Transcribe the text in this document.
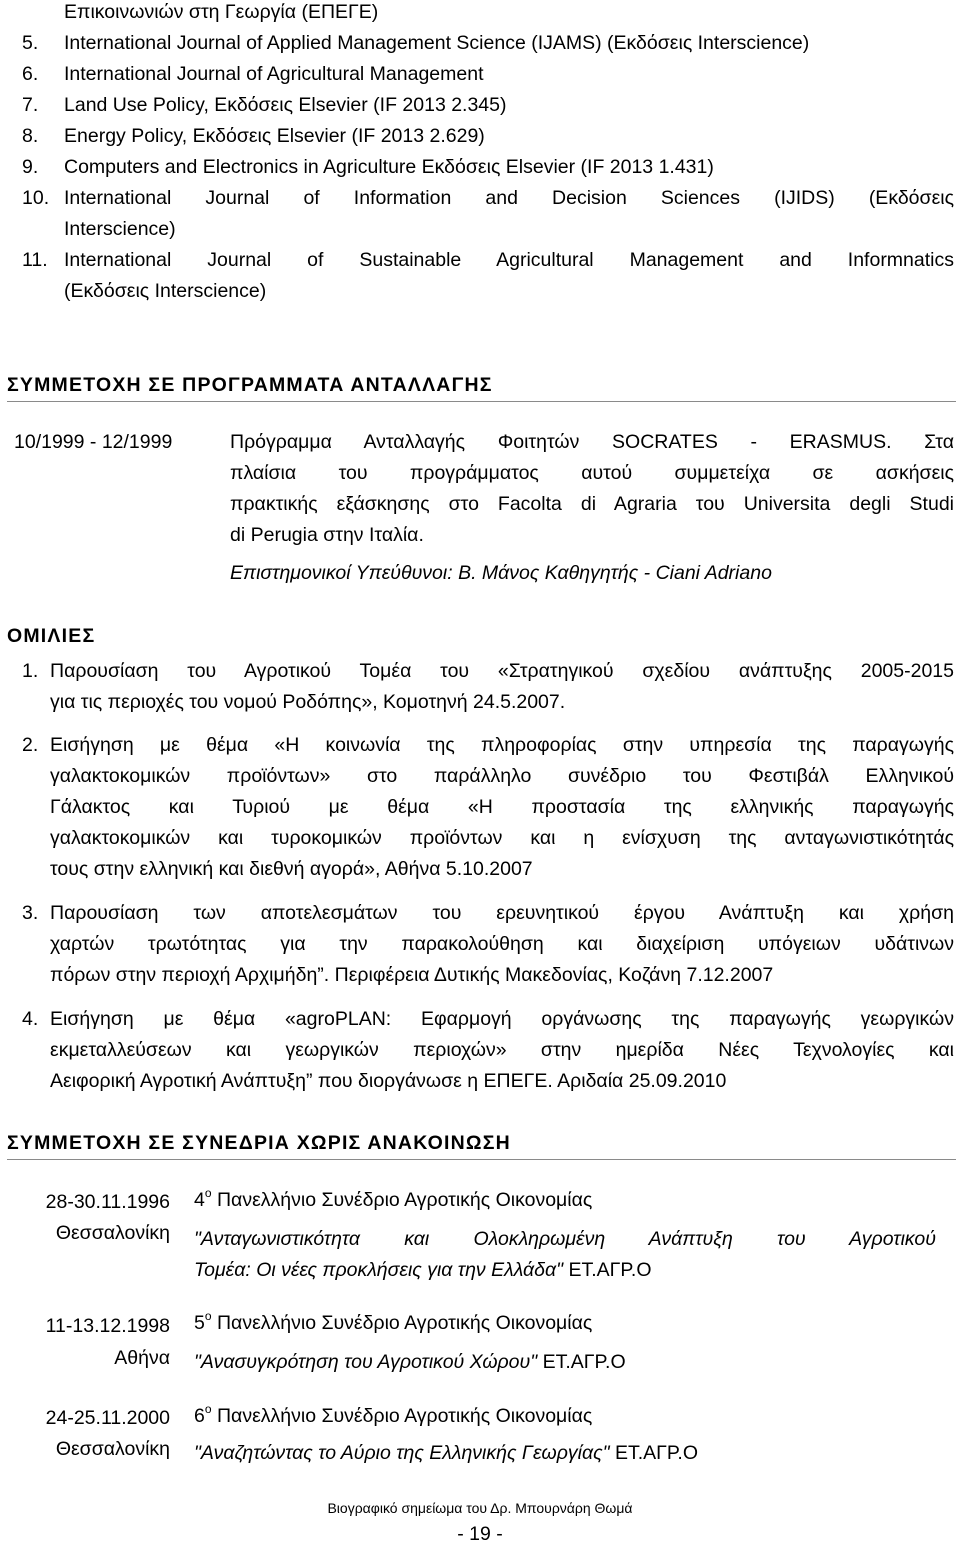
Επικοινωνιών στη Γεωργία (ΕΠΕΓΕ)
5. International Journal of Applied Management Science (IJAMS) (Εκδόσεις Interscience)
6. International Journal of Agricultural Management
7. Land Use Policy, Εκδόσεις Elsevier (IF 2013 2.345)
8. Energy Policy, Εκδόσεις Elsevier (IF 2013 2.629)
9. Computers and Electronics in Agriculture Εκδόσεις Elsevier (IF 2013 1.431)
10. International Journal of Information and Decision Sciences (IJIDS) (Εκδόσεις
Interscience)
11. International Journal of Sustainable Agricultural Management and Informnatics
(Εκδόσεις Interscience)
ΣΥΜΜΕΤΟΧΗ ΣΕ ΠΡΟΓΡΑΜΜΑΤΑ ΑΝΤΑΛΛΑΓΗΣ
10/1999 - 12/1999	Πρόγραμμα Ανταλλαγής Φοιτητών SOCRATES - ERASMUS. Στα
πλαίσια του προγράμματος αυτού συμμετείχα σε ασκήσεις
πρακτικής εξάσκησης στο Facolta di Agraria του Universita degli Studi
di Perugia στην Ιταλία.
Επιστημονικοί Υπεύθυνοι: Β. Μάνος Καθηγητής - Ciani Adriano
ΟΜΙΛΙΕΣ
1. Παρουσίαση του Αγροτικού Τομέα του «Στρατηγικού σχεδίου ανάπτυξης 2005-2015
για τις περιοχές του νομού Ροδόπης», Κομοτηνή 24.5.2007.
2. Εισήγηση με θέμα «Η κοινωνία της πληροφορίας στην υπηρεσία της παραγωγής
γαλακτοκομικών προϊόντων» στο παράλληλο συνέδριο του Φεστιβάλ Ελληνικού
Γάλακτος και Τυριού με θέμα «Η προστασία της ελληνικής παραγωγής
γαλακτοκομικών και τυροκομικών προϊόντων και η ενίσχυση της ανταγωνιστικότητάς
τους στην ελληνική και διεθνή αγορά», Αθήνα 5.10.2007
3. Παρουσίαση των αποτελεσμάτων του ερευνητικού έργου Ανάπτυξη και χρήση
χαρτών τρωτότητας για την παρακολούθηση και διαχείριση υπόγειων υδάτινων
πόρων στην περιοχή Αρχιμήδη”. Περιφέρεια Δυτικής Μακεδονίας, Κοζάνη 7.12.2007
4. Εισήγηση με θέμα «agroPLAN: Εφαρμογή οργάνωσης της παραγωγής γεωργικών
εκμεταλλεύσεων και γεωργικών περιοχών» στην ημερίδα Νέες Τεχνολογίες και
Αειφορική Αγροτική Ανάπτυξη” που διοργάνωσε η ΕΠΕΓΕ. Αριδαία 25.09.2010
ΣΥΜΜΕΤΟΧΗ ΣΕ ΣΥΝΕΔΡΙΑ ΧΩΡΙΣ ΑΝΑΚΟΙΝΩΣΗ
28-30.11.1996
Θεσσαλονίκη
$4^o$ Πανελλήνιο Συνέδριο Αγροτικής Οικονομίας
"Ανταγωνιστικότητα και Ολοκληρωμένη Ανάπτυξη του Αγροτικού
Τομέα: Οι νέες προκλήσεις για την Ελλάδα" ΕΤ.ΑΓΡ.Ο
11-13.12.1998
Αθήνα
$5^o$ Πανελλήνιο Συνέδριο Αγροτικής Οικονομίας
"Ανασυγκρότηση του Αγροτικού Χώρου" ΕΤ.ΑΓΡ.Ο
24-25.11.2000
Θεσσαλονίκη
$6^o$ Πανελλήνιο Συνέδριο Αγροτικής Οικονομίας
"Αναζητώντας το Αύριο της Ελληνικής Γεωργίας" ΕΤ.ΑΓΡ.Ο
Βιογραφικό σημείωμα του Δρ. Μπουρνάρη Θωμά
- 19 -
